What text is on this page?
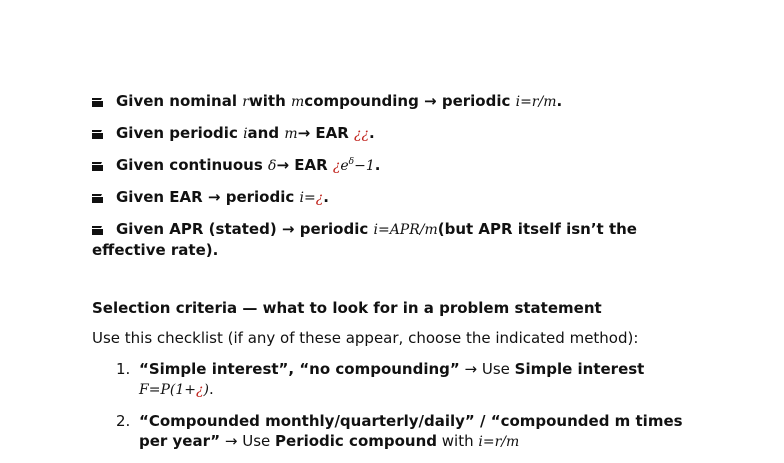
Given nominal rwith mcompounding → periodic i=r/m.
Given periodic iand m→ EAR ¿¿.
Given continuous δ→ EAR ¿$e^\delta-1$.
Given EAR → periodic i=¿.
Given APR (stated) → periodic i=APR/m(but APR itself isn’t the effective rate).

Selection criteria — what to look for in a problem statement

Use this checklist (if any of these appear, choose the indicated method):

1. “Simple interest”, “no compounding” → Use Simple interest
F=P(1+¿).
2. “Compounded monthly/quarterly/daily” / “compounded m times per year” → Use Periodic compound with i=r/m
